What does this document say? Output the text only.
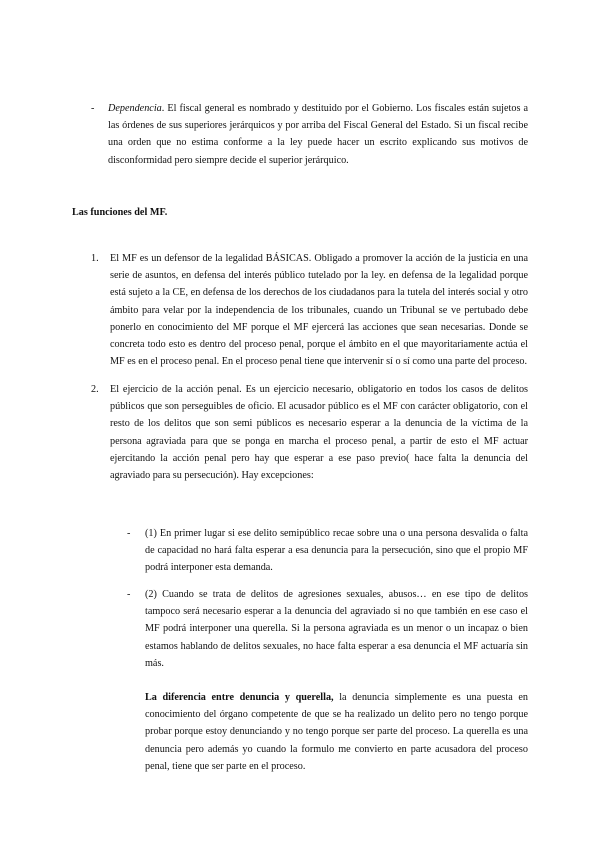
- Dependencia. El fiscal general es nombrado y destituido por el Gobierno. Los fiscales están sujetos a las órdenes de sus superiores jerárquicos y por arriba del Fiscal General del Estado. Si un fiscal recibe una orden que no estima conforme a la ley puede hacer un escrito explicando sus motivos de disconformidad pero siempre decide el superior jerárquico.

Las funciones del MF.
1. El MF es un defensor de la legalidad BÁSICAS. Obligado a promover la acción de la justicia en una serie de asuntos, en defensa del interés público tutelado por la ley. en defensa de la legalidad porque está sujeto a la CE, en defensa de los derechos de los ciudadanos para la tutela del interés social y otro ámbito para velar por la independencia de los tribunales, cuando un Tribunal se ve pertubado debe ponerlo en conocimiento del MF porque el MF ejercerá las acciones que sean necesarias. Donde se concreta todo esto es dentro del proceso penal, porque el ámbito en el que mayoritariamente actúa el MF es en el proceso penal. En el proceso penal tiene que intervenir sí o sí como una parte del proceso.

2. El ejercicio de la acción penal. Es un ejercicio necesario, obligatorio en todos los casos de delitos públicos que son perseguibles de oficio. El acusador público es el MF con carácter obligatorio, con el resto de los delitos que son semi públicos es necesario esperar a la denuncia de la víctima de la persona agraviada para que se ponga en marcha el proceso penal, a partir de esto el MF actuar ejercitando la acción penal pero hay que esperar a ese paso previo( hace falta la denuncia del agraviado para su persecución). Hay excepciones:

- (1) En primer lugar si ese delito semipúblico recae sobre una o una persona desvalida o falta de capacidad no hará falta esperar a esa denuncia para la persecución, sino que el propio MF podrá interponer esta demanda.

- (2) Cuando se trata de delitos de agresiones sexuales, abusos… en ese tipo de delitos tampoco será necesario esperar a la denuncia del agraviado si no que también en ese caso el MF podrá interponer una querella. Si la persona agraviada es un menor o un incapaz o bien estamos hablando de delitos sexuales, no hace falta esperar a esa denuncia el MF actuaría sin más.

La diferencia entre denuncia y querella, la denuncia simplemente es una puesta en conocimiento del órgano competente de que se ha realizado un delito pero no tengo porque probar porque estoy denunciando y no tengo porque ser parte del proceso. La querella es una denuncia pero además yo cuando la formulo me convierto en parte acusadora del proceso penal, tiene que ser parte en el proceso.
